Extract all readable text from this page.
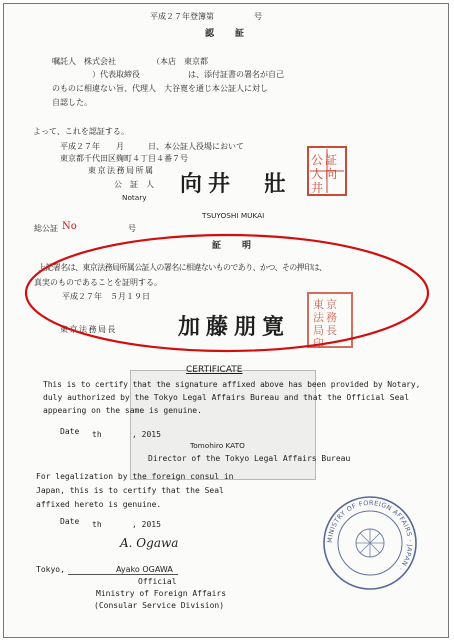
平成２７年登簿第　　　　　号
認　証
嘱託人　株式会社　　　　　（本店　東京都
）代表取締役　　　　　　は、添付証書の署名が自己
のものに相違ない旨、代理人　大谷寛を通じ本公証人に対し
自認した。
よって、これを認証する。
平成２７年　　月　　　日、本公証人役場において
東京都千代田区麹町４丁目４番７号
東京法務局所属
公　証　人
Notary
向井　壯
公証人向井
TSUYOSHI MUKAI
総公証 No	号
証　明
上記署名は、東京法務局所属公証人の署名に相違ないものであり、かつ、その押印は、
真実のものであることを証明する。
平成２７年　５月１９日
東京法務局長	加藤朋寛
東京法務局長印
CERTIFICATE
This is to certify that the signature affixed above has been provided by Notary,
duly authorized by the Tokyo Legal Affairs Bureau and that the Official Seal
appearing on the same is genuine.
Date th	, 2015
Tomohiro KATO
Director of the Tokyo Legal Affairs Bureau
For legalization by the foreign consul in
Japan, this is to certify that the Seal
affixed hereto is genuine.
Date th	, 2015
A. Ogawa
Tokyo,	Ayako OGAWA
Official
Ministry of Foreign Affairs
(Consular Service Division)
MINISTRY OF FOREIGN AFFAIRS · JAPAN ·
